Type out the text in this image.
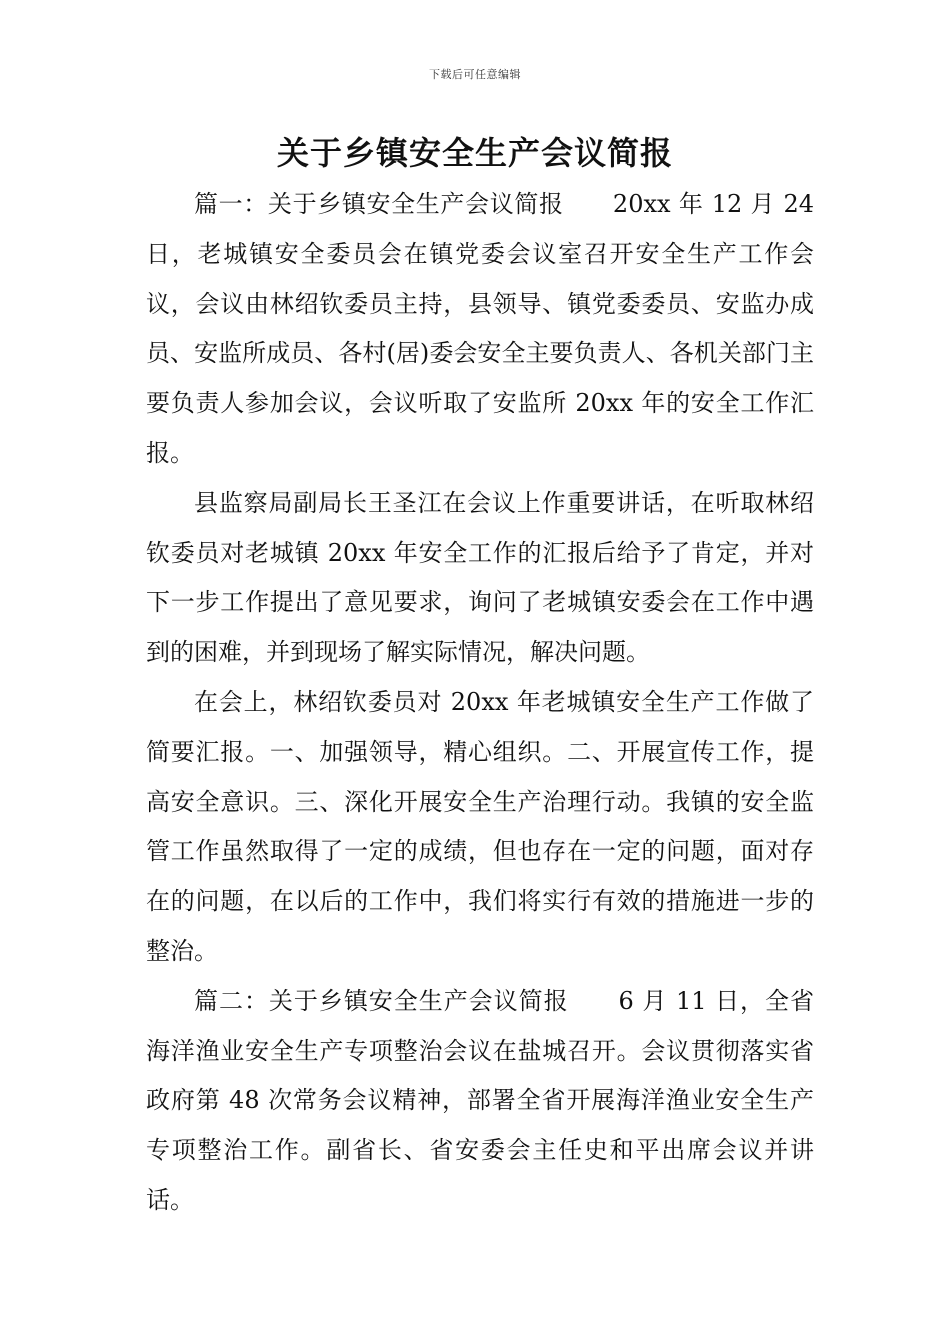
下载后可任意编辑
关于乡镇安全生产会议简报

篇一：关于乡镇安全生产会议简报　　20xx 年 12 月 24 日，老城镇安全委员会在镇党委会议室召开安全生产工作会议，会议由林绍钦委员主持，县领导、镇党委委员、安监办成员、安监所成员、各村(居)委会安全主要负责人、各机关部门主要负责人参加会议，会议听取了安监所 20xx 年的安全工作汇报。

县监察局副局长王圣江在会议上作重要讲话，在听取林绍钦委员对老城镇 20xx 年安全工作的汇报后给予了肯定，并对下一步工作提出了意见要求，询问了老城镇安委会在工作中遇到的困难，并到现场了解实际情况，解决问题。

在会上，林绍钦委员对 20xx 年老城镇安全生产工作做了简要汇报。一、加强领导，精心组织。二、开展宣传工作，提高安全意识。三、深化开展安全生产治理行动。我镇的安全监管工作虽然取得了一定的成绩，但也存在一定的问题，面对存在的问题，在以后的工作中，我们将实行有效的措施进一步的整治。

篇二：关于乡镇安全生产会议简报　　6 月 11 日，全省海洋渔业安全生产专项整治会议在盐城召开。会议贯彻落实省政府第 48 次常务会议精神，部署全省开展海洋渔业安全生产专项整治工作。副省长、省安委会主任史和平出席会议并讲话。
